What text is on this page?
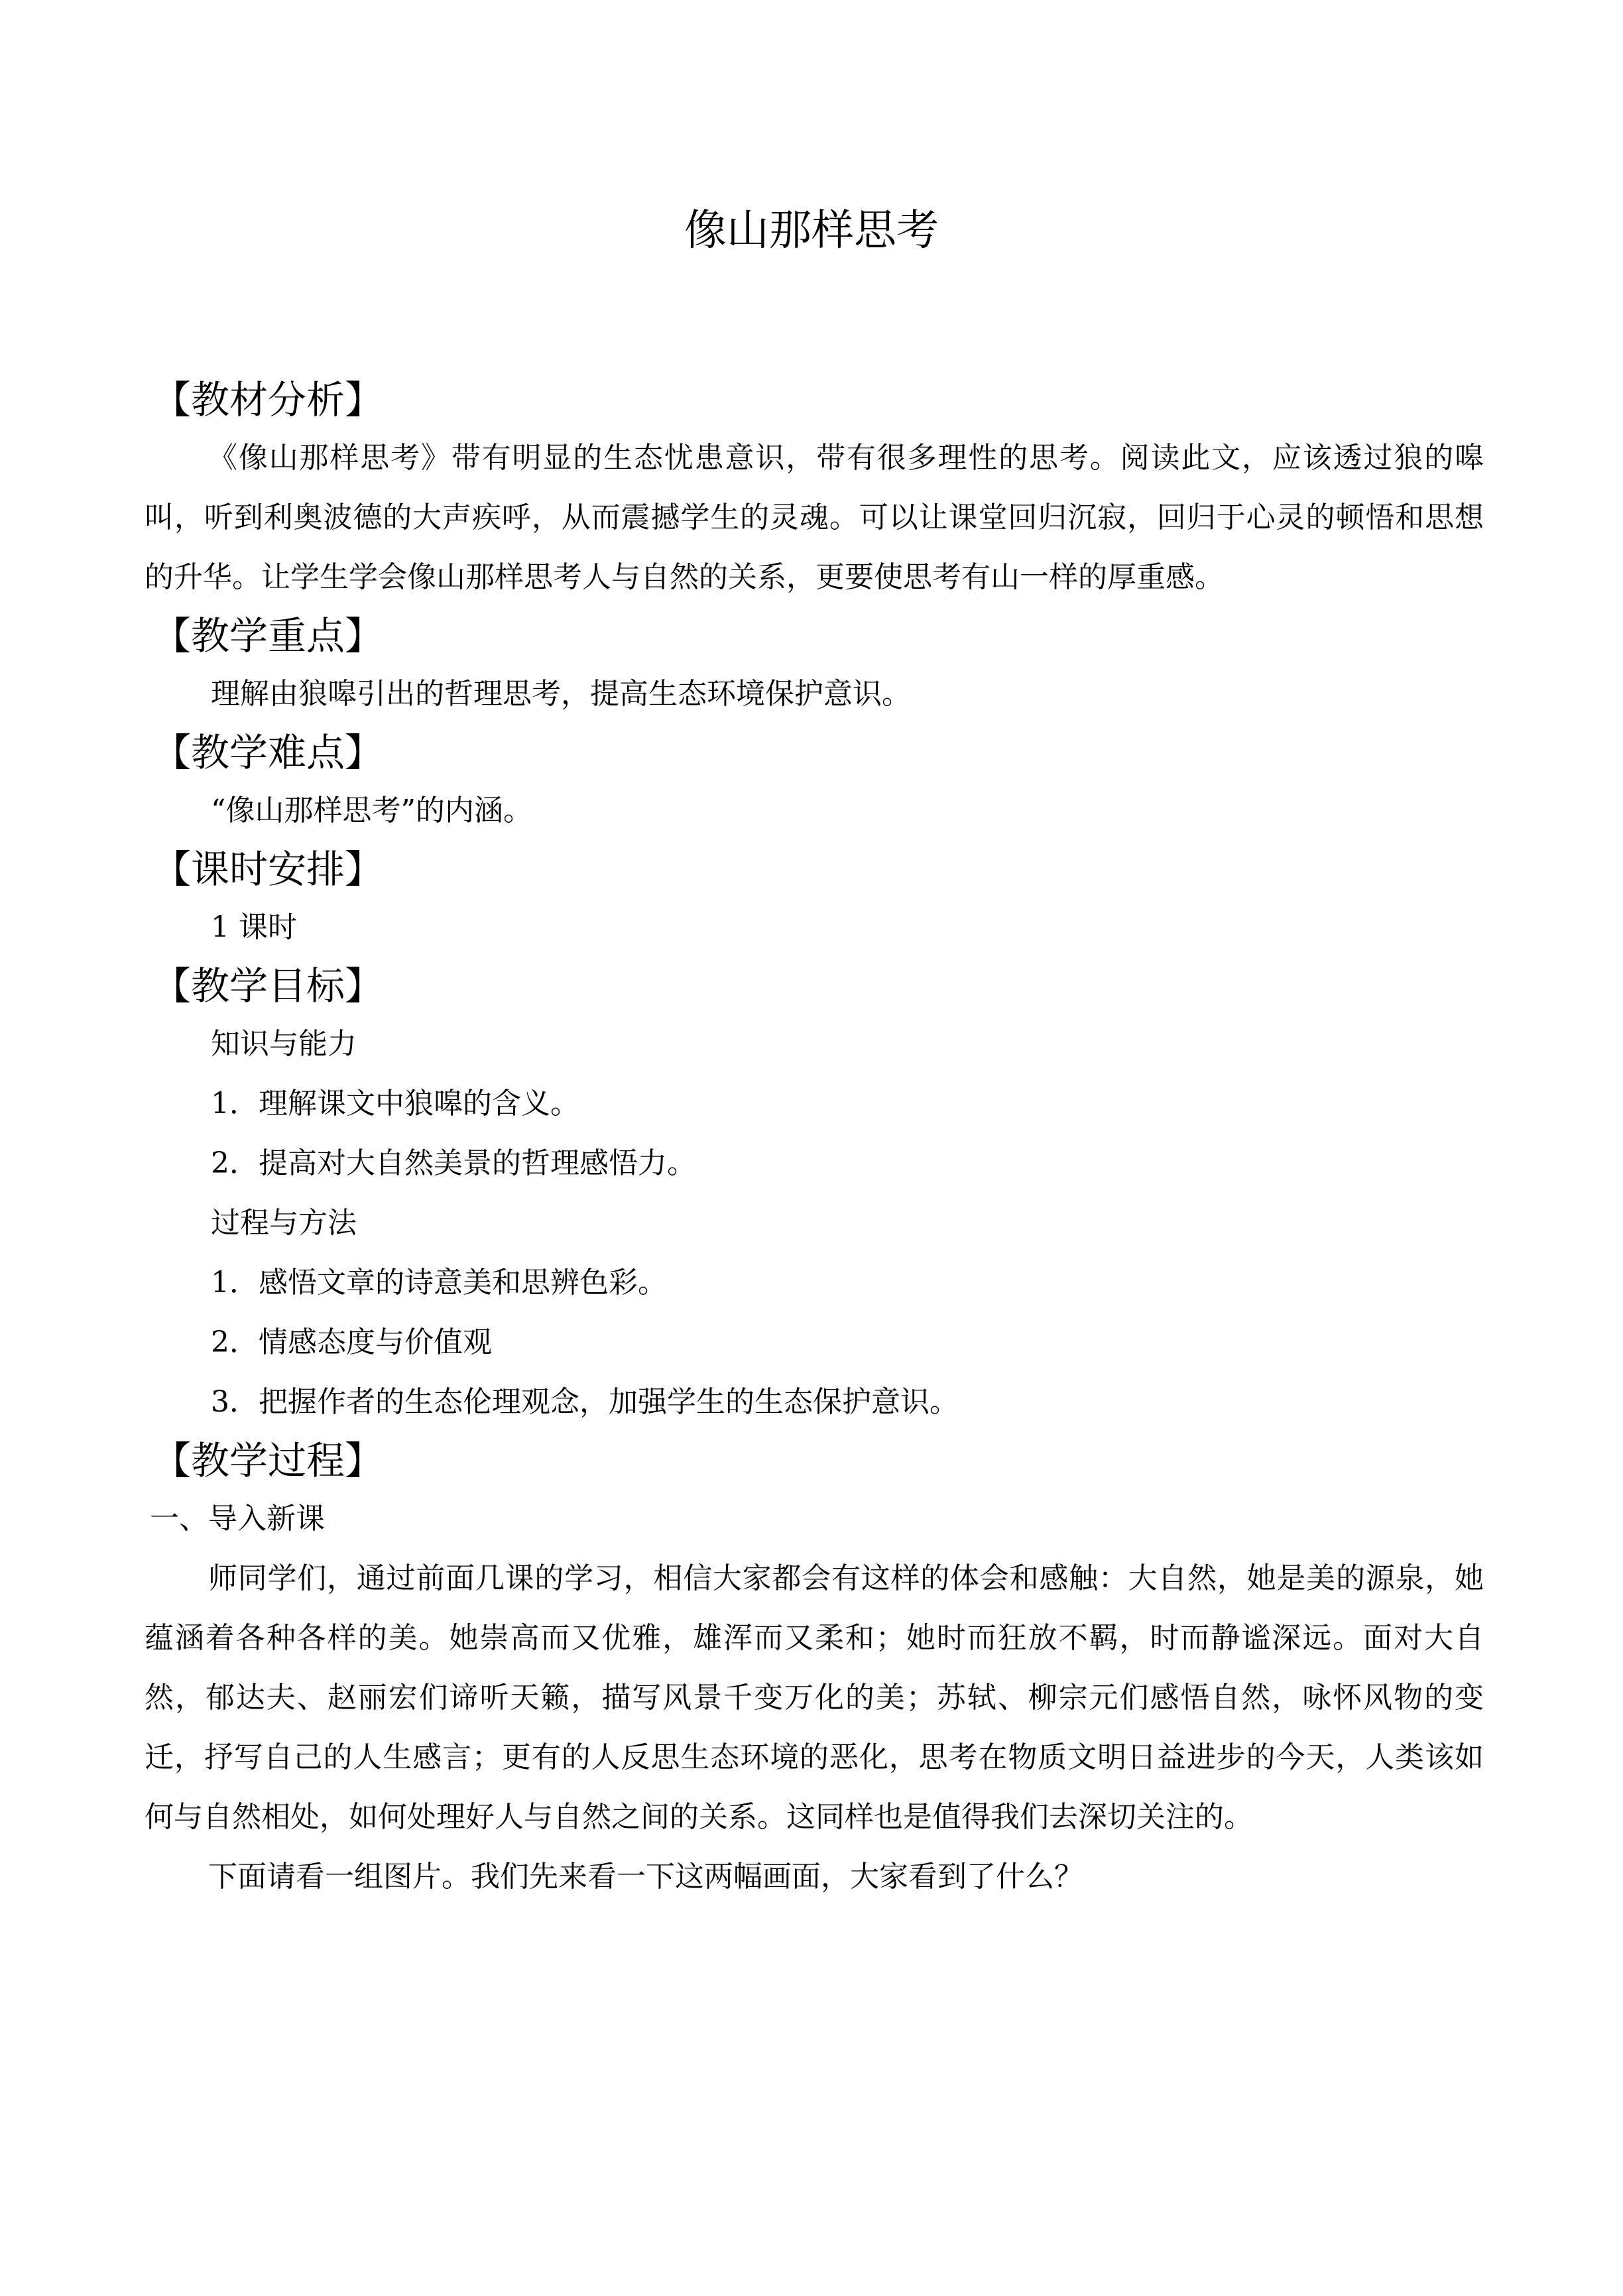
像山那样思考
【教材分析】

《像山那样思考》带有明显的生态忧患意识，带有很多理性的思考。阅读此文，应该透过狼的嗥叫，听到利奥波德的大声疾呼，从而震撼学生的灵魂。可以让课堂回归沉寂，回归于心灵的顿悟和思想的升华。让学生学会像山那样思考人与自然的关系，更要使思考有山一样的厚重感。

【教学重点】
理解由狼嗥引出的哲理思考，提高生态环境保护意识。
【教学难点】
“像山那样思考”的内涵。
【课时安排】
1 课时
【教学目标】
知识与能力
1．理解课文中狼嗥的含义。
2．提高对大自然美景的哲理感悟力。
过程与方法
1．感悟文章的诗意美和思辨色彩。
2．情感态度与价值观
3．把握作者的生态伦理观念，加强学生的生态保护意识。
【教学过程】
一、导入新课

师同学们，通过前面几课的学习，相信大家都会有这样的体会和感触：大自然，她是美的源泉，她蕴涵着各种各样的美。她崇高而又优雅，雄浑而又柔和；她时而狂放不羁，时而静谧深远。面对大自然，郁达夫、赵丽宏们谛听天籁，描写风景千变万化的美；苏轼、柳宗元们感悟自然，咏怀风物的变迁，抒写自己的人生感言；更有的人反思生态环境的恶化，思考在物质文明日益进步的今天，人类该如何与自然相处，如何处理好人与自然之间的关系。这同样也是值得我们去深切关注的。

下面请看一组图片。我们先来看一下这两幅画面，大家看到了什么？
